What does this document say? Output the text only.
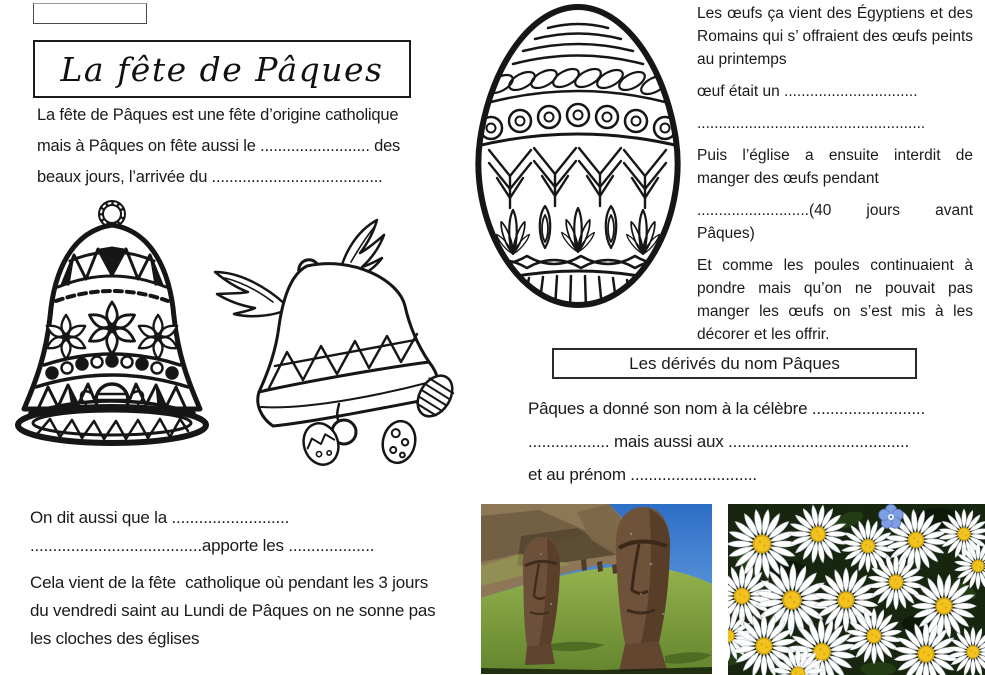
La fête de Pâques
La fête de Pâques est une fête d’origine catholique
mais à Pâques on fête aussi le ......................... des
beaux jours, l’arrivée du .......................................

Les œufs ça vient des Égyptiens et des Romains qui s’ offraient des œufs peints au printemps

œuf était un ...............................

.....................................................

Puis l’église a ensuite interdit de manger des œufs pendant

..........................(40 jours avant Pâques)

Et comme les poules continuaient à pondre mais qu’on ne pouvait pas manger les œufs on s’est mis à les décorer et les offrir.

Les dérivés du nom Pâques
Pâques a donné son nom à la célèbre .........................
.................. mais aussi aux ........................................
et au prénom ............................
On dit aussi que la ..........................
......................................apporte les ...................
Cela vient de la fête  catholique où pendant les 3 jours
du vendredi saint au Lundi de Pâques on ne sonne pas
les cloches des églises
